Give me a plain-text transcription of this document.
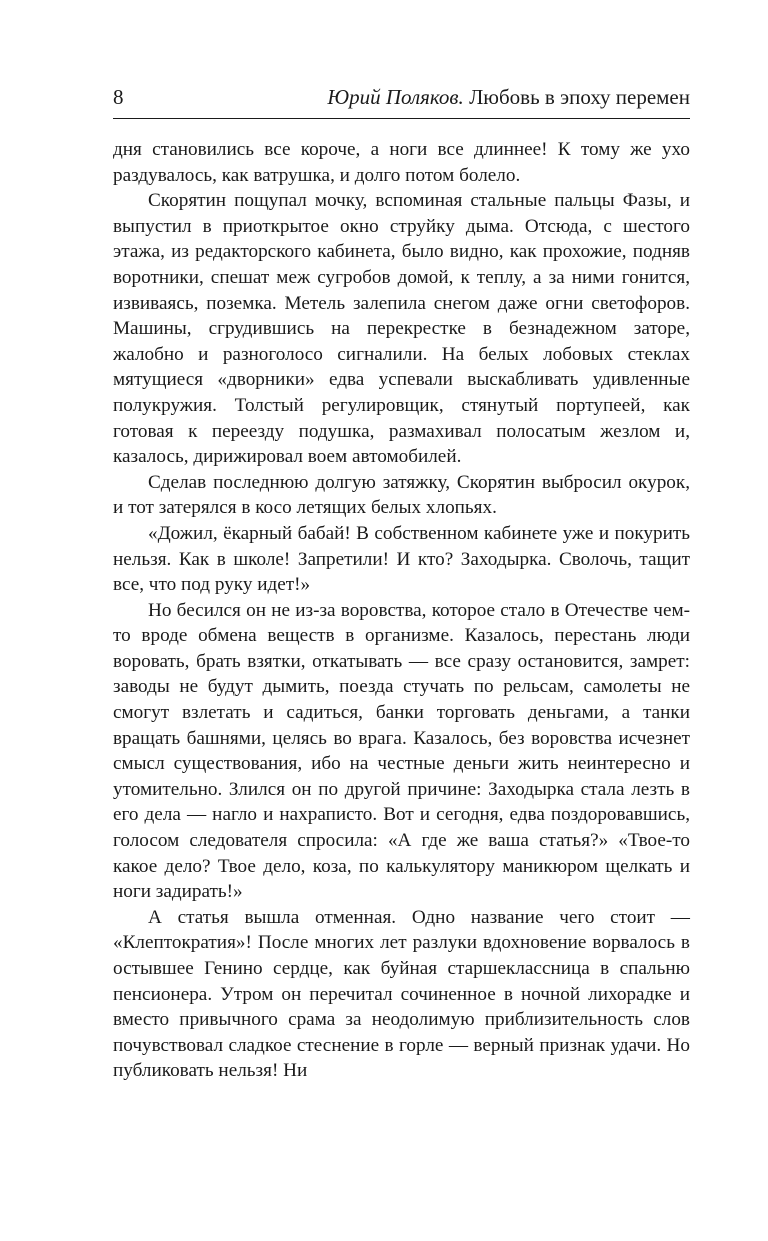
8	Юрий Поляков. Любовь в эпоху перемен

дня становились все короче, а ноги все длиннее! К тому же ухо раздувалось, как ватрушка, и долго потом болело.

Скорятин пощупал мочку, вспоминая стальные пальцы Фазы, и выпустил в приоткрытое окно струйку дыма. Отсюда, с шестого этажа, из редакторского кабинета, было видно, как прохожие, подняв воротники, спешат меж сугробов домой, к теплу, а за ними гонится, извиваясь, поземка. Метель залепила снегом даже огни светофоров. Машины, сгрудившись на перекрестке в безнадежном заторе, жалобно и разноголосо сигналили. На белых лобовых стеклах мятущиеся «дворники» едва успевали выскабливать удивленные полукружия. Толстый регулировщик, стянутый портупеей, как готовая к переезду подушка, размахивал полосатым жезлом и, казалось, дирижировал воем автомобилей.

Сделав последнюю долгую затяжку, Скорятин выбросил окурок, и тот затерялся в косо летящих белых хлопьях.

«Дожил, ёкарный бабай! В собственном кабинете уже и покурить нельзя. Как в школе! Запретили! И кто? Заходырка. Сволочь, тащит все, что под руку идет!»

Но бесился он не из-за воровства, которое стало в Отечестве чем-то вроде обмена веществ в организме. Казалось, перестань люди воровать, брать взятки, откатывать — все сразу остановится, замрет: заводы не будут дымить, поезда стучать по рельсам, самолеты не смогут взлетать и садиться, банки торговать деньгами, а танки вращать башнями, целясь во врага. Казалось, без воровства исчезнет смысл существования, ибо на честные деньги жить неинтересно и утомительно. Злился он по другой причине: Заходырка стала лезть в его дела — нагло и нахраписто. Вот и сегодня, едва поздоровавшись, голосом следователя спросила: «А где же ваша статья?» «Твое-то какое дело? Твое дело, коза, по калькулятору маникюром щелкать и ноги задирать!»

А статья вышла отменная. Одно название чего стоит — «Клептократия»! После многих лет разлуки вдохновение ворвалось в остывшее Генино сердце, как буйная старшеклассница в спальню пенсионера. Утром он перечитал сочиненное в ночной лихорадке и вместо привычного срама за неодолимую приблизительность слов почувствовал сладкое стеснение в горле — верный признак удачи. Но публиковать нельзя! Ни
